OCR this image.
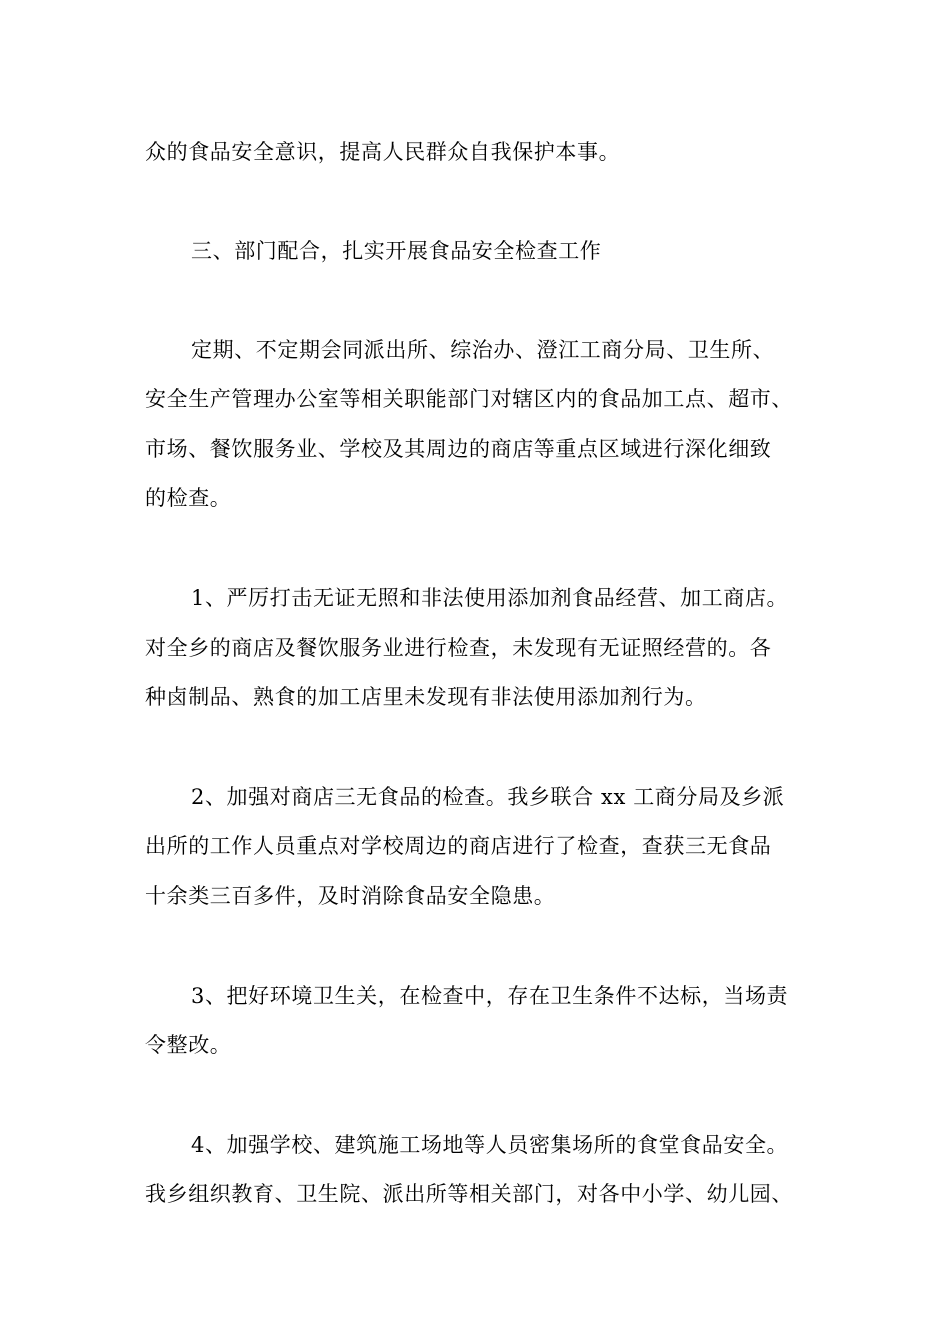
众的食品安全意识，提高人民群众自我保护本事。
三、部门配合，扎实开展食品安全检查工作
定期、不定期会同派出所、综治办、澄江工商分局、卫生所、
安全生产管理办公室等相关职能部门对辖区内的食品加工点、超市、
市场、餐饮服务业、学校及其周边的商店等重点区域进行深化细致
的检查。
1、严厉打击无证无照和非法使用添加剂食品经营、加工商店。
对全乡的商店及餐饮服务业进行检查，未发现有无证照经营的。各
种卤制品、熟食的加工店里未发现有非法使用添加剂行为。
2、加强对商店三无食品的检查。我乡联合 xx 工商分局及乡派
出所的工作人员重点对学校周边的商店进行了检查，查获三无食品
十余类三百多件，及时消除食品安全隐患。
3、把好环境卫生关，在检查中，存在卫生条件不达标，当场责
令整改。
4、加强学校、建筑施工场地等人员密集场所的食堂食品安全。
我乡组织教育、卫生院、派出所等相关部门，对各中小学、幼儿园、
